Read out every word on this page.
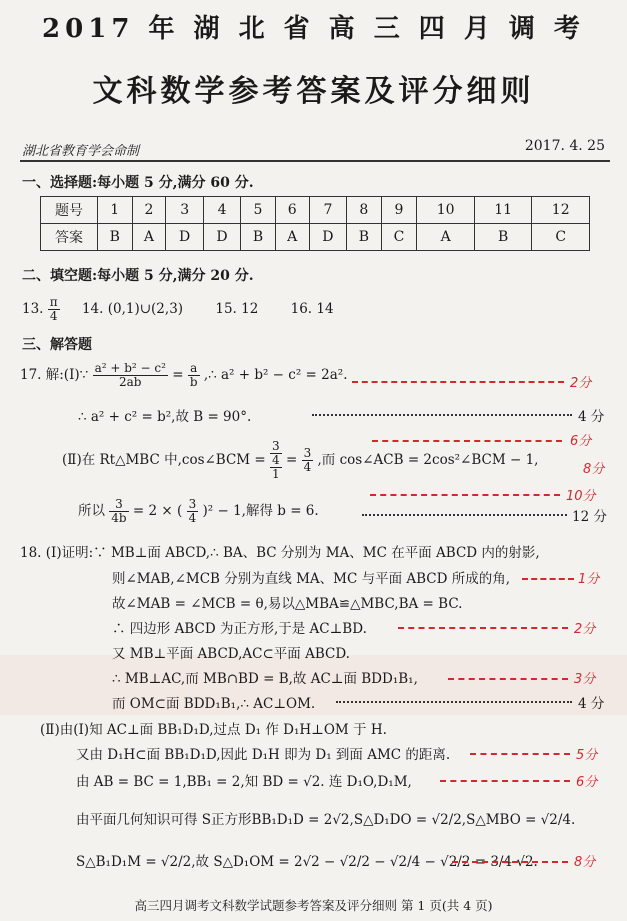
2017 年 湖 北 省 高 三 四 月 调 考
文科数学参考答案及评分细则
湖北省教育学会命制	2017. 4. 25
一、选择题:每小题 5 分,满分 60 分.
题号	1	2	3	4	5	6	7	8	9	10	11	12
答案	B	A	D	D	B	A	D	B	C	A	B	C
二、填空题:每小题 5 分,满分 20 分.
13. $\frac{\pi}{4} 14$. (0,1)∪(2,3) 15. 12 16. 14
三、解答题
17. 解:(Ⅰ)∵ $\frac{\text{a² + b² − c²}}{2ab} = \frac{a}{b}$ ,∴ a² + b² − c² = 2a².
2分
∴ a² + c² = b²,故 B = 90°.	4 分
6分
(Ⅱ)在 Rt△MBC 中,cos∠BCM =
3
4
1
= $\frac{3}{4}$ ,而 cos∠ACB = 2cos²∠BCM − 1,
8分
10分
所以 $\frac{3}{4b} = 2$ × ( $\frac{3}{4} )^2 - 1$,解得 b = 6.	12 分
18. (Ⅰ)证明:∵ MB⊥面 ABCD,∴ BA、BC 分别为 MA、MC 在平面 ABCD 内的射影,
则∠MAB,∠MCB 分别为直线 MA、MC 与平面 ABCD 所成的角,	1分
故∠MAB = ∠MCB = θ,易以△MBA≌△MBC,BA = BC.
∴ 四边形 ABCD 为正方形,于是 AC⊥BD.	2分
又 MB⊥平面 ABCD,AC⊂平面 ABCD.
∴ MB⊥AC,而 MB∩BD = B,故 AC⊥面 BDD₁B₁,	3分
而 OM⊂面 BDD₁B₁,∴ AC⊥OM.	4 分
(Ⅱ)由(Ⅰ)知 AC⊥面 BB₁D₁D,过点 D₁ 作 D₁H⊥OM 于 H.
又由 D₁H⊂面 BB₁D₁D,因此 D₁H 即为 D₁ 到面 AMC 的距离.	5分
由 AB = BC = 1,BB₁ = 2,知 BD = √2. 连 D₁O,D₁M,	6分
由平面几何知识可得 S正方形BB₁D₁D = 2√2,S△D₁DO = √2/2,S△MBO = √2/4.
S△B₁D₁M = √2/2,故 S△D₁OM = 2√2 − √2/2 − √2/4 − √2/2 = 3/4 √2.	8分
高三四月调考文科数学试题参考答案及评分细则 第 1 页(共 4 页)
